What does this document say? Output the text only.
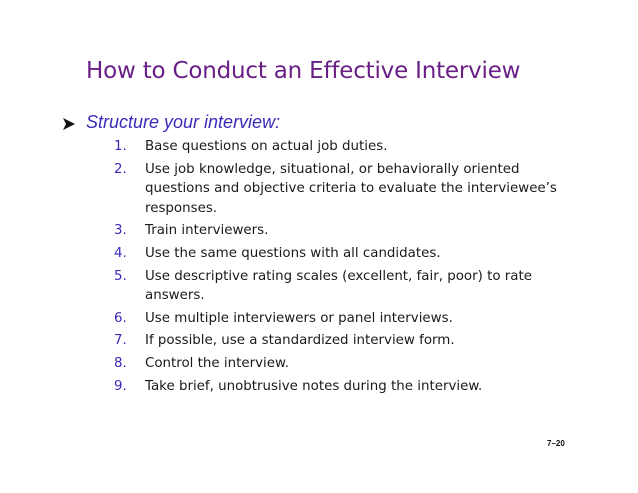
How to Conduct an Effective Interview
Structure your interview:
1.	Base questions on actual job duties.
2.	Use job knowledge, situational, or behaviorally oriented questions and objective criteria to evaluate the interviewee’s responses.
3.	Train interviewers.
4.	Use the same questions with all candidates.
5.	Use descriptive rating scales (excellent, fair, poor) to rate answers.
6.	Use multiple interviewers or panel interviews.
7.	If possible, use a standardized interview form.
8.	Control the interview.
9.	Take brief, unobtrusive notes during the interview.
7–20
